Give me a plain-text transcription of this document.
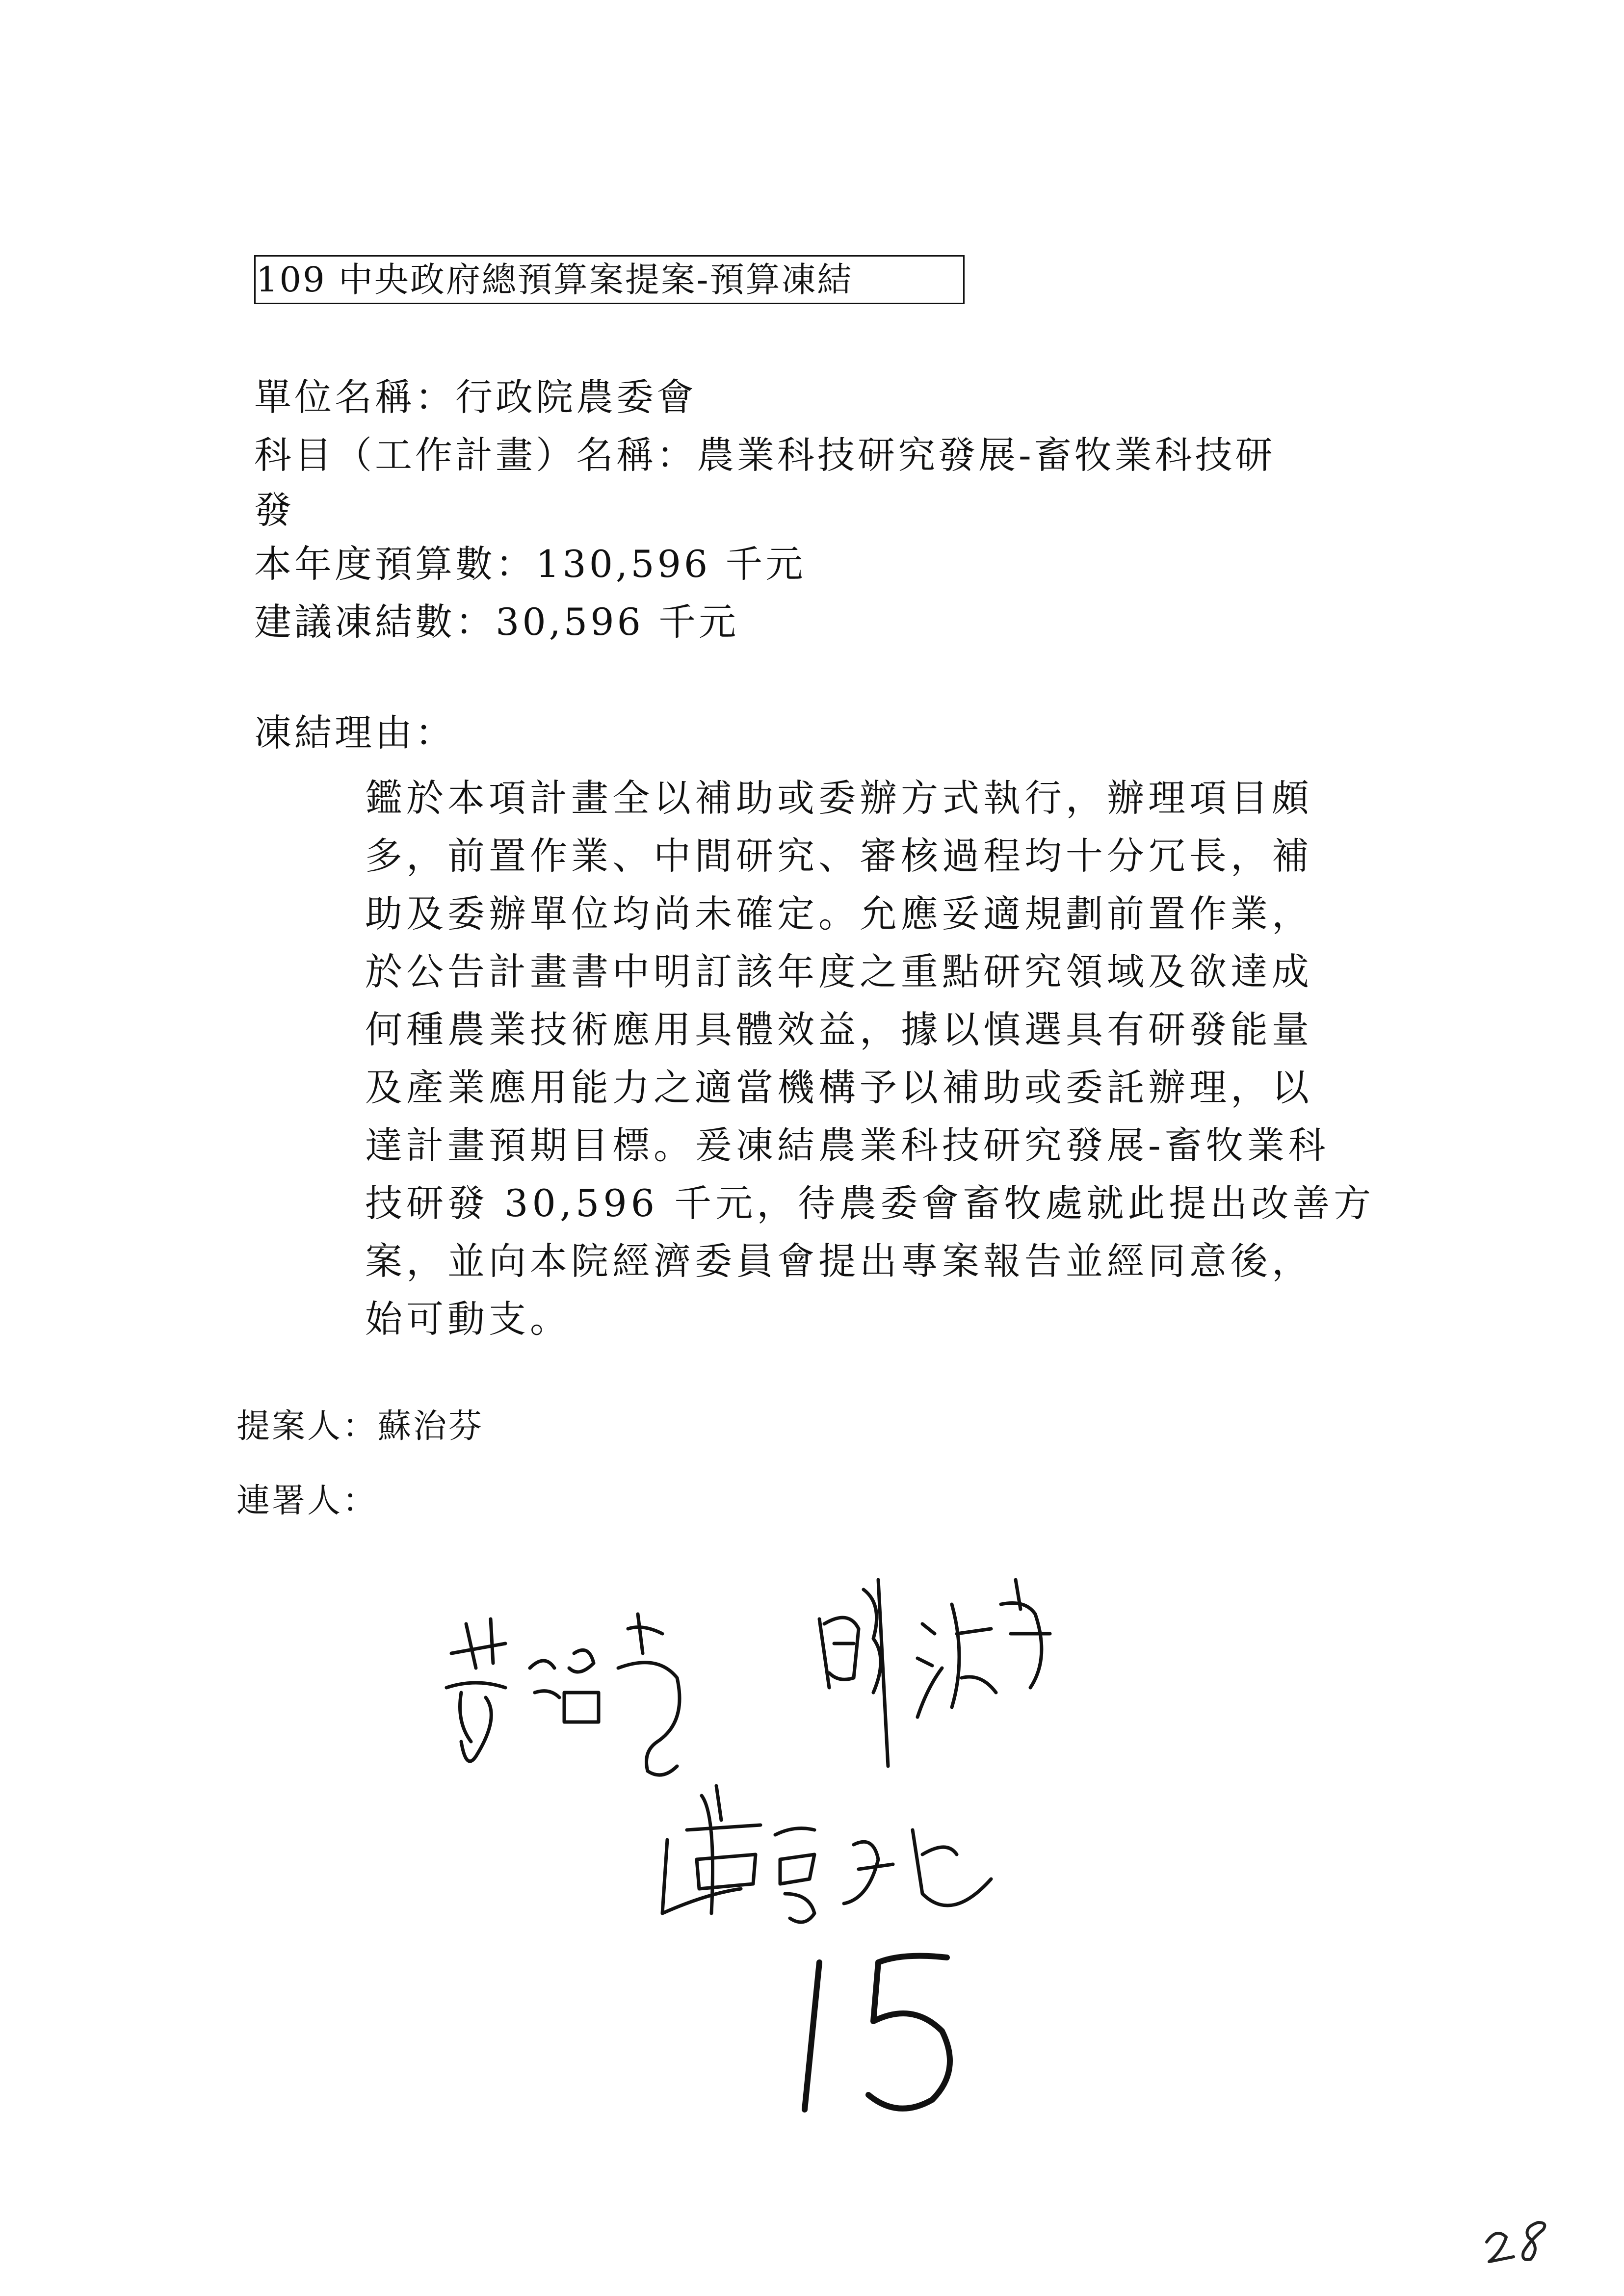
109 中央政府總預算案提案-預算凍結
單位名稱：行政院農委會
科目（工作計畫）名稱：農業科技研究發展-畜牧業科技研
發
本年度預算數：130,596 千元
建議凍結數：30,596 千元
凍結理由：
鑑於本項計畫全以補助或委辦方式執行，辦理項目頗
多，前置作業、中間研究、審核過程均十分冗長，補
助及委辦單位均尚未確定。允應妥適規劃前置作業，
於公告計畫書中明訂該年度之重點研究領域及欲達成
何種農業技術應用具體效益，據以慎選具有研發能量
及產業應用能力之適當機構予以補助或委託辦理，以
達計畫預期目標。爰凍結農業科技研究發展-畜牧業科
技研發 30,596 千元，待農委會畜牧處就此提出改善方
案，並向本院經濟委員會提出專案報告並經同意後，
始可動支。
提案人：蘇治芬
連署人：
